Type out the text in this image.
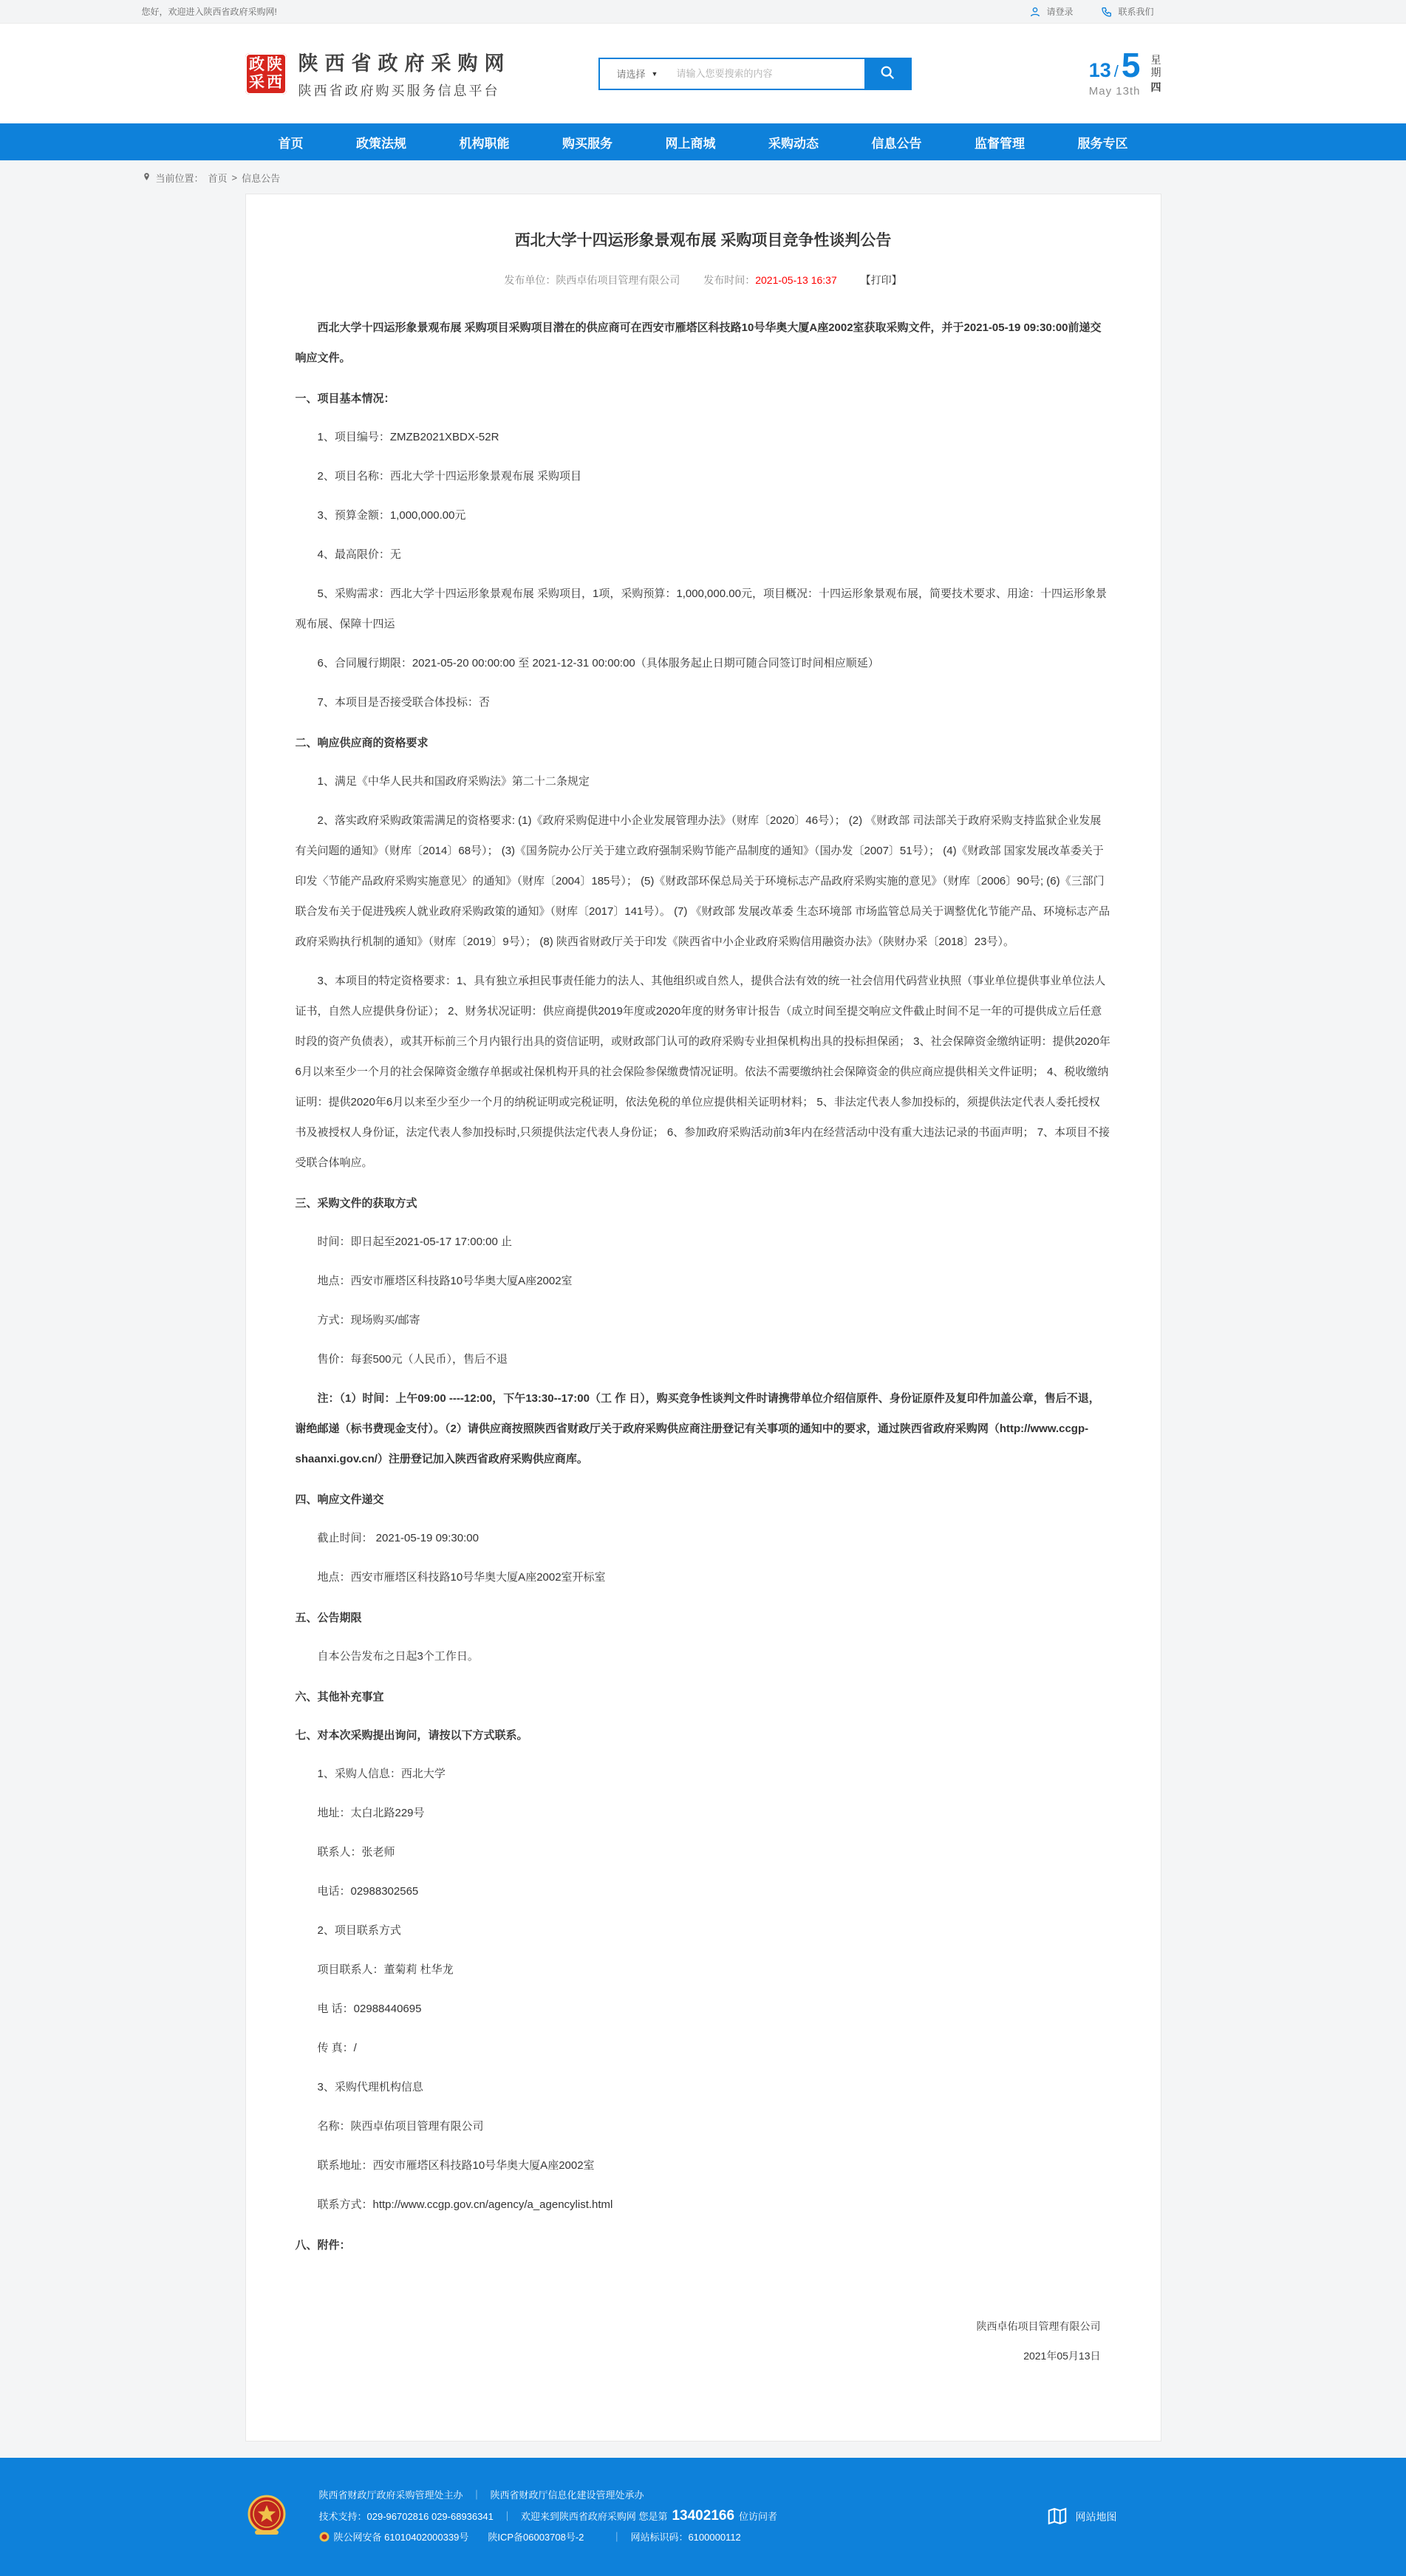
您好，欢迎进入陕西省政府采购网!	请登录	联系我们
政 陕
采 西
陕西省政府采购网
陕西省政府购买服务信息平台
请选择 ▼
请输入您要搜索的内容	13 / 5
May 13th
星
期
四
首页	政策法规	机构职能	购买服务	网上商城	采购动态	信息公告	监督管理	服务专区
当前位置： 首页 > 信息公告
西北大学十四运形象景观布展 采购项目竞争性谈判公告
发布单位：陕西卓佑项目管理有限公司 发布时间：2021-05-13 16:37 【打印】

西北大学十四运形象景观布展 采购项目采购项目潜在的供应商可在西安市雁塔区科技路10号华奥大厦A座2002室获取采购文件，并于2021-05-19 09:30:00前递交响应文件。

一、项目基本情况：

1、项目编号：ZMZB2021XBDX-52R

2、项目名称：西北大学十四运形象景观布展 采购项目

3、预算金额：1,000,000.00元

4、最高限价：无

5、采购需求：西北大学十四运形象景观布展 采购项目，1项，采购预算：1,000,000.00元，项目概况：十四运形象景观布展，简要技术要求、用途：十四运形象景观布展、保障十四运

6、合同履行期限：2021-05-20 00:00:00 至 2021-12-31 00:00:00（具体服务起止日期可随合同签订时间相应顺延）

7、本项目是否接受联合体投标：否

二、响应供应商的资格要求

1、满足《中华人民共和国政府采购法》第二十二条规定

2、落实政府采购政策需满足的资格要求: (1)《政府采购促进中小企业发展管理办法》（财库〔2020〕46号）； (2) 《财政部 司法部关于政府采购支持监狱企业发展有关问题的通知》（财库〔2014〕68号）； (3)《国务院办公厅关于建立政府强制采购节能产品制度的通知》（国办发〔2007〕51号）； (4)《财政部 国家发展改革委关于印发〈节能产品政府采购实施意见〉的通知》（财库〔2004〕185号）； (5)《财政部环保总局关于环境标志产品政府采购实施的意见》（财库〔2006〕90号; (6)《三部门联合发布关于促进残疾人就业政府采购政策的通知》（财库〔2017〕141号）。 (7) 《财政部 发展改革委 生态环境部 市场监管总局关于调整优化节能产品、环境标志产品政府采购执行机制的通知》（财库〔2019〕9号）； (8) 陕西省财政厅关于印发《陕西省中小企业政府采购信用融资办法》（陕财办采〔2018〕23号）。

3、本项目的特定资格要求：1、具有独立承担民事责任能力的法人、其他组织或自然人，提供合法有效的统一社会信用代码营业执照（事业单位提供事业单位法人证书，自然人应提供身份证）； 2、财务状况证明：供应商提供2019年度或2020年度的财务审计报告（成立时间至提交响应文件截止时间不足一年的可提供成立后任意时段的资产负债表），或其开标前三个月内银行出具的资信证明，或财政部门认可的政府采购专业担保机构出具的投标担保函； 3、社会保障资金缴纳证明：提供2020年6月以来至少一个月的社会保障资金缴存单据或社保机构开具的社会保险参保缴费情况证明。依法不需要缴纳社会保障资金的供应商应提供相关文件证明； 4、税收缴纳证明：提供2020年6月以来至少至少一个月的纳税证明或完税证明，依法免税的单位应提供相关证明材料； 5、非法定代表人参加投标的，须提供法定代表人委托授权书及被授权人身份证，法定代表人参加投标时,只须提供法定代表人身份证； 6、参加政府采购活动前3年内在经营活动中没有重大违法记录的书面声明； 7、本项目不接受联合体响应。

三、采购文件的获取方式

时间：即日起至2021-05-17 17:00:00 止

地点：西安市雁塔区科技路10号华奥大厦A座2002室

方式：现场购买/邮寄

售价：每套500元（人民币），售后不退

注：（1）时间：上午09:00 ----12:00，下午13:30--17:00（工 作 日），购买竞争性谈判文件时请携带单位介绍信原件、身份证原件及复印件加盖公章，售后不退，谢绝邮递（标书费现金支付）。（2）请供应商按照陕西省财政厅关于政府采购供应商注册登记有关事项的通知中的要求，通过陕西省政府采购网（http://www.ccgp-shaanxi.gov.cn/）注册登记加入陕西省政府采购供应商库。

四、响应文件递交

截止时间： 2021-05-19 09:30:00

地点：西安市雁塔区科技路10号华奥大厦A座2002室开标室

五、公告期限

自本公告发布之日起3个工作日。

六、其他补充事宜
七、对本次采购提出询问，请按以下方式联系。

1、采购人信息：西北大学

地址：太白北路229号

联系人：张老师

电话：02988302565

2、项目联系方式

项目联系人：董菊莉 杜华龙

电 话：02988440695

传 真：/

3、采购代理机构信息

名称：陕西卓佑项目管理有限公司

联系地址：西安市雁塔区科技路10号华奥大厦A座2002室

联系方式：http://www.ccgp.gov.cn/agency/a_agencylist.html

八、附件：
陕西卓佑项目管理有限公司
2021年05月13日
陕西省财政厅政府采购管理处主办 ｜ 陕西省财政厅信息化建设管理处承办
技术支持：029-96702816 029-68936341 ｜ 欢迎来到陕西省政府采购网 您是第 13402166 位访问者
陕公网安备 61010402000339号 陕ICP备06003708号-2	｜ 网站标识码：6100000112
网站地图
